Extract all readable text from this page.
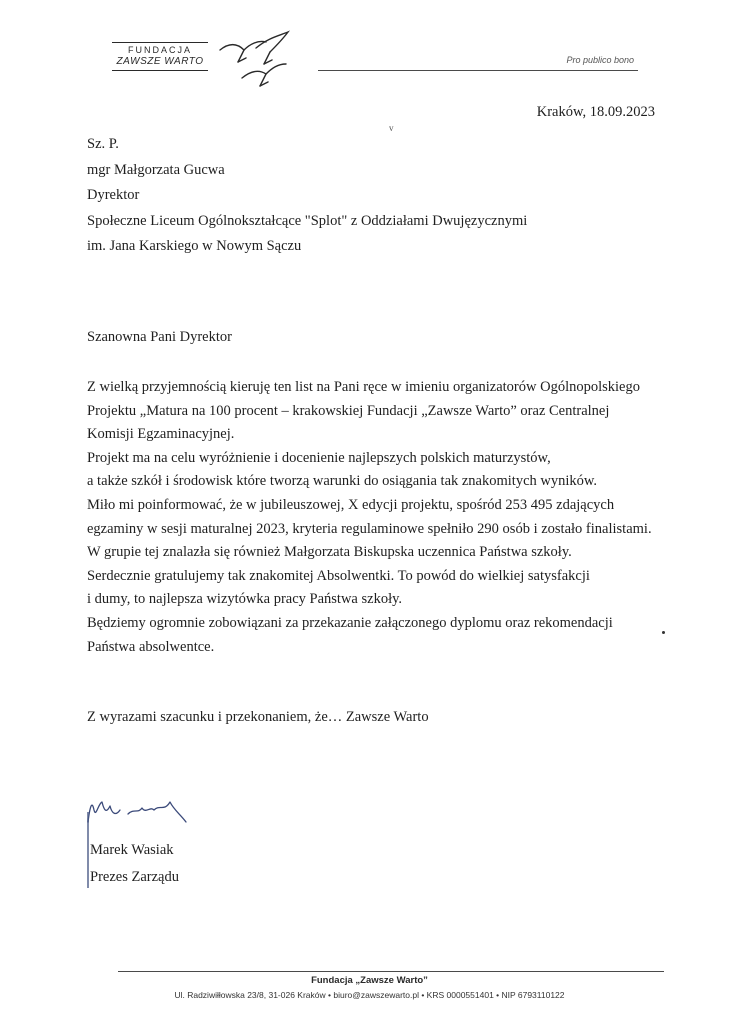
FUNDACJA
ZAWSZE WARTO	Pro publico bono
Kraków, 18.09.2023
v
Sz. P.
mgr Małgorzata Gucwa
Dyrektor
Społeczne Liceum Ogólnokształcące "Splot" z Oddziałami Dwujęzycznymi
im. Jana Karskiego w Nowym Sączu
Szanowna Pani Dyrektor
Z wielką przyjemnością kieruję ten list na Pani ręce w imieniu organizatorów Ogólnopolskiego
Projektu „Matura na 100 procent – krakowskiej Fundacji „Zawsze Warto” oraz Centralnej
Komisji Egzaminacyjnej.
Projekt ma na celu wyróżnienie i docenienie najlepszych polskich maturzystów,
a także szkół i środowisk które tworzą warunki do osiągania tak znakomitych wyników.
Miło mi poinformować, że w jubileuszowej, X edycji projektu, spośród 253 495 zdających
egzaminy w sesji maturalnej 2023, kryteria regulaminowe spełniło 290 osób i zostało finalistami.
W grupie tej znalazła się również Małgorzata Biskupska uczennica Państwa szkoły.
Serdecznie gratulujemy tak znakomitej Absolwentki. To powód do wielkiej satysfakcji
i dumy, to najlepsza wizytówka pracy Państwa szkoły.
Będziemy ogromnie zobowiązani za przekazanie załączonego dyplomu oraz rekomendacji
Państwa absolwentce.
Z wyrazami szacunku i przekonaniem, że… Zawsze Warto
Marek Wasiak
Prezes Zarządu
Fundacja „Zawsze Warto”
Ul. Radziwiłłowska 23/8, 31-026 Kraków • biuro@zawszewarto.pl • KRS 0000551401 • NIP 6793110122
